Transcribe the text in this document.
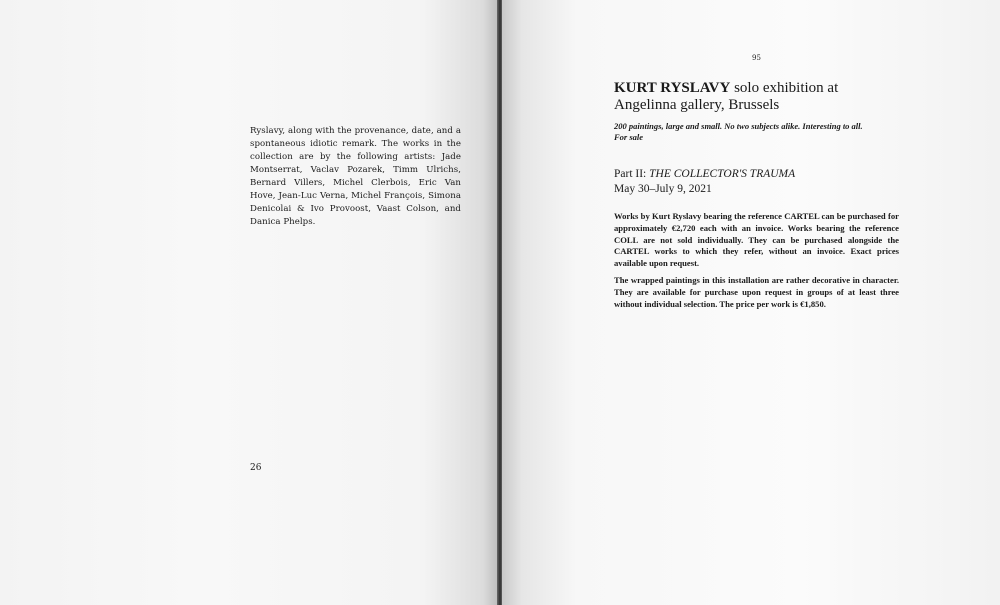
Ryslavy, along with the provenance, date, and a spontaneous idiotic remark. The works in the collection are by the following artists: Jade Montserrat, Vaclav Pozarek, Timm Ulrichs, Bernard Villers, Michel Clerbois, Eric Van Hove, Jean-Luc Verna, Michel François, Simona Denicolai & Ivo Provoost, Vaast Colson, and Danica Phelps.
26
95
KURT RYSLAVY solo exhibition at
Angelinna gallery, Brussels
200 paintings, large and small. No two subjects alike. Interesting to all.
For sale
Part II: THE COLLECTOR'S TRAUMA
May 30–July 9, 2021

Works by Kurt Ryslavy bearing the reference CARTEL can be purchased for approximately €2,720 each with an invoice. Works bearing the reference COLL are not sold individually. They can be purchased alongside the CARTEL works to which they refer, without an invoice. Exact prices available upon request.

The wrapped paintings in this installation are rather decorative in character. They are available for purchase upon request in groups of at least three without individual selection. The price per work is €1,850.
